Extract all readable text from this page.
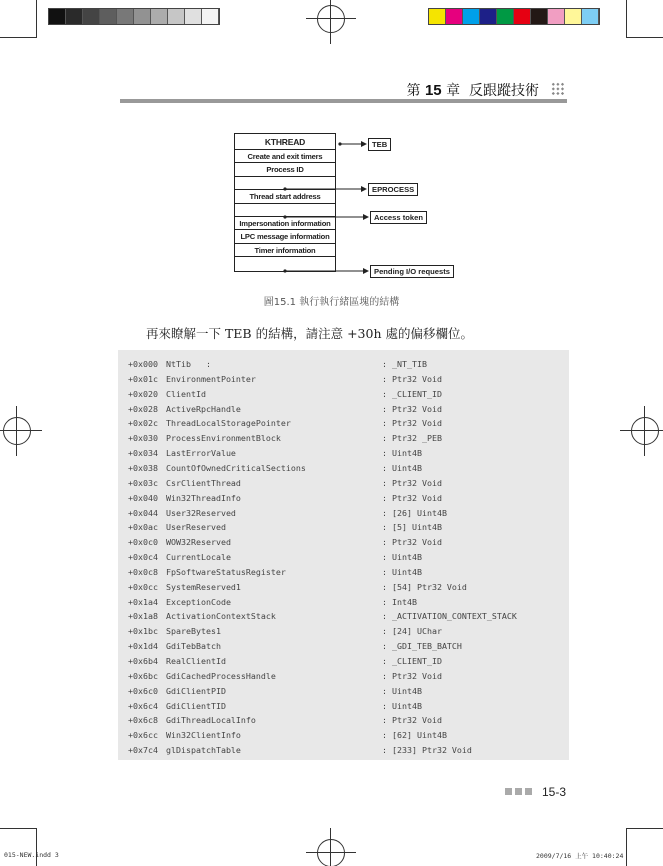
第 15 章 反跟蹤技術
KTHREAD
Create and exit timers
Process ID
Thread start address
Impersonation information
LPC message information
Timer information
TEB
EPROCESS
Access token
Pending I/O requests
圖15.1 執行執行緒區塊的結構
再來瞭解一下 TEB 的結構，請注意 +30h 處的偏移欄位。
+0x000 NtTib   :	: _NT_TIB
+0x01c EnvironmentPointer	: Ptr32 Void
+0x020 ClientId	: _CLIENT_ID
+0x028 ActiveRpcHandle	: Ptr32 Void
+0x02c ThreadLocalStoragePointer	: Ptr32 Void
+0x030 ProcessEnvironmentBlock	: Ptr32 _PEB
+0x034 LastErrorValue	: Uint4B
+0x038 CountOfOwnedCriticalSections	: Uint4B
+0x03c CsrClientThread	: Ptr32 Void
+0x040 Win32ThreadInfo	: Ptr32 Void
+0x044 User32Reserved	: [26] Uint4B
+0x0ac UserReserved	: [5] Uint4B
+0x0c0 WOW32Reserved	: Ptr32 Void
+0x0c4 CurrentLocale	: Uint4B
+0x0c8 FpSoftwareStatusRegister	: Uint4B
+0x0cc SystemReserved1	: [54] Ptr32 Void
+0x1a4 ExceptionCode	: Int4B
+0x1a8 ActivationContextStack	: _ACTIVATION_CONTEXT_STACK
+0x1bc SpareBytes1	: [24] UChar
+0x1d4 GdiTebBatch	: _GDI_TEB_BATCH
+0x6b4 RealClientId	: _CLIENT_ID
+0x6bc GdiCachedProcessHandle	: Ptr32 Void
+0x6c0 GdiClientPID	: Uint4B
+0x6c4 GdiClientTID	: Uint4B
+0x6c8 GdiThreadLocalInfo	: Ptr32 Void
+0x6cc Win32ClientInfo	: [62] Uint4B
+0x7c4 glDispatchTable	: [233] Ptr32 Void
15-3
015-NEW.indd 3	2009/7/16 上午 10:40:24
